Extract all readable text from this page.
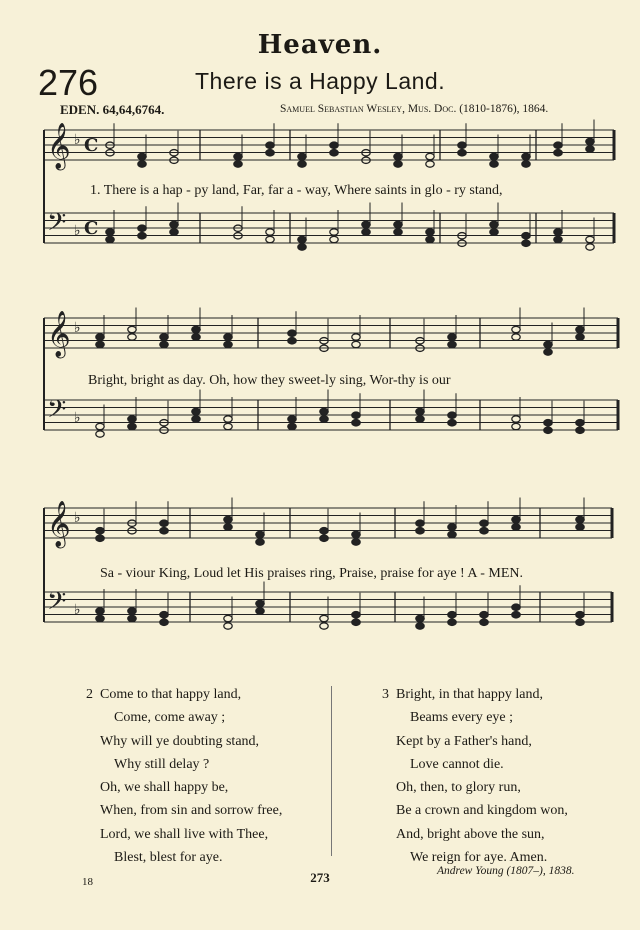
Heaven.
276	There is a Happy Land.
EDEN. 64,64,6764.	Samuel Sebastian Wesley, Mus. Doc. (1810-1876), 1864.
𝄞 ♭ C
𝄢 ♭ C
𝄞 ♭
𝄢 ♭
𝄞 ♭
𝄢 ♭
1. There is a hap - py land, Far, far a - way, Where saints in glo - ry stand,
Bright, bright as day. Oh, how they sweet-ly sing, Wor-thy is our
Sa - viour King, Loud let His praises ring, Praise, praise for aye ! A - MEN.
2 Come to that happy land,
Come, come away ;
Why will ye doubting stand,
Why still delay ?
Oh, we shall happy be,
When, from sin and sorrow free,
Lord, we shall live with Thee,
Blest, blest for aye.
3 Bright, in that happy land,
Beams every eye ;
Kept by a Father's hand,
Love cannot die.
Oh, then, to glory run,
Be a crown and kingdom won,
And, bright above the sun,
We reign for aye. Amen.
Andrew Young (1807–), 1838.
18	273
